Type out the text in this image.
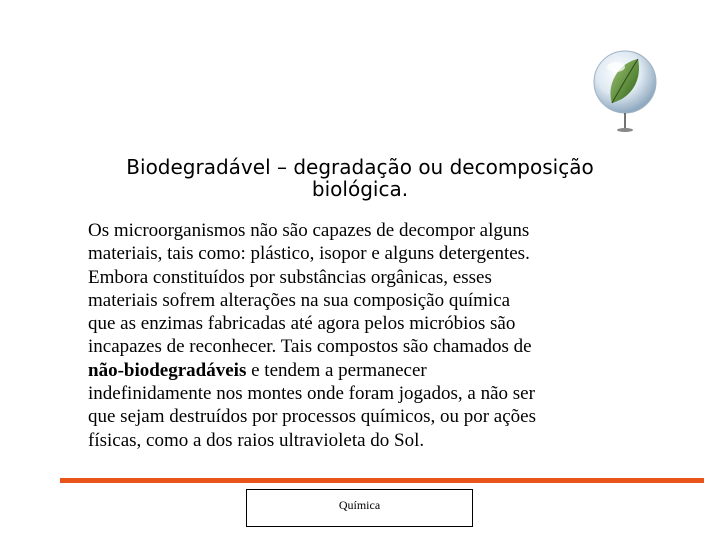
Biodegradável – degradação ou decomposição
biológica.
Os microorganismos não são capazes de decompor alguns
materiais, tais como: plástico, isopor e alguns detergentes.
Embora constituídos por substâncias orgânicas, esses
materiais sofrem alterações na sua composição química
que as enzimas fabricadas até agora pelos micróbios são
incapazes de reconhecer. Tais compostos são chamados de
não-biodegradáveis e tendem a permanecer
indefinidamente nos montes onde foram jogados, a não ser
que sejam destruídos por processos químicos, ou por ações
físicas, como a dos raios ultravioleta do Sol.
Química
